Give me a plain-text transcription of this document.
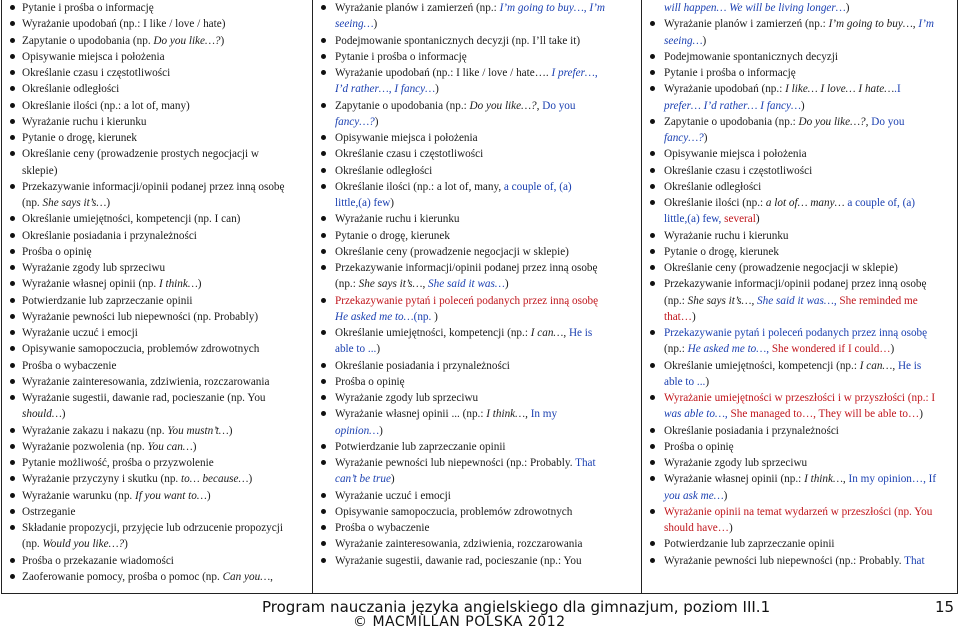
Pytanie i prośba o informację
Wyrażanie upodobań (np.: I like / love / hate)
Zapytanie o upodobania (np. Do you like…?)
Opisywanie miejsca i położenia
Określanie czasu i częstotliwości
Określanie odległości
Określanie ilości (np.: a lot of, many)
Wyrażanie ruchu i kierunku
Pytanie o drogę, kierunek
Określanie ceny (prowadzenie prostych negocjacji w
sklepie)
Przekazywanie informacji/opinii podanej przez inną osobę
(np. She says it’s…)
Określanie umiejętności, kompetencji (np. I can)
Określanie posiadania i przynależności
Prośba o opinię
Wyrażanie zgody lub sprzeciwu
Wyrażanie własnej opinii (np. I think…)
Potwierdzanie lub zaprzeczanie opinii
Wyrażanie pewności lub niepewności (np. Probably)
Wyrażanie uczuć i emocji
Opisywanie samopoczucia, problemów zdrowotnych
Prośba o wybaczenie
Wyrażanie zainteresowania, zdziwienia, rozczarowania
Wyrażanie sugestii, dawanie rad, pocieszanie (np. You
should…)
Wyrażanie zakazu i nakazu (np. You mustn’t…)
Wyrażanie pozwolenia (np. You can…)
Pytanie możliwość, prośba o przyzwolenie
Wyrażanie przyczyny i skutku (np. to… because…)
Wyrażanie warunku (np. If you want to…)
Ostrzeganie
Składanie propozycji, przyjęcie lub odrzucenie propozycji
(np. Would you like…?)
Prośba o przekazanie wiadomości
Zaoferowanie pomocy, prośba o pomoc (np. Can you…,
Wyrażanie planów i zamierzeń (np.: I’m going to buy…, I’m
seeing…)
Podejmowanie spontanicznych decyzji (np. I’ll take it)
Pytanie i prośba o informację
Wyrażanie upodobań (np.: I like / love / hate…. I prefer…,
I’d rather…, I fancy…)
Zapytanie o upodobania (np.: Do you like…?, Do you
fancy…?)
Opisywanie miejsca i położenia
Określanie czasu i częstotliwości
Określanie odległości
Określanie ilości (np.: a lot of, many, a couple of, (a)
little,(a) few)
Wyrażanie ruchu i kierunku
Pytanie o drogę, kierunek
Określanie ceny (prowadzenie negocjacji w sklepie)
Przekazywanie informacji/opinii podanej przez inną osobę
(np.: She says it’s…, She said it was…)
Przekazywanie pytań i poleceń podanych przez inną osobę
He asked me to…(np. )
Określanie umiejętności, kompetencji (np.: I can…, He is
able to ...)
Określanie posiadania i przynależności
Prośba o opinię
Wyrażanie zgody lub sprzeciwu
Wyrażanie własnej opinii ... (np.: I think…, In my
opinion…)
Potwierdzanie lub zaprzeczanie opinii
Wyrażanie pewności lub niepewności (np.: Probably. That
can’t be true)
Wyrażanie uczuć i emocji
Opisywanie samopoczucia, problemów zdrowotnych
Prośba o wybaczenie
Wyrażanie zainteresowania, zdziwienia, rozczarowania
Wyrażanie sugestii, dawanie rad, pocieszanie (np.: You
will happen… We will be living longer…)
Wyrażanie planów i zamierzeń (np.: I’m going to buy…, I’m
seeing…)
Podejmowanie spontanicznych decyzji
Pytanie i prośba o informację
Wyrażanie upodobań (np.: I like… I love… I hate….I
prefer… I’d rather… I fancy…)
Zapytanie o upodobania (np.: Do you like…?, Do you
fancy…?)
Opisywanie miejsca i położenia
Określanie czasu i częstotliwości
Określanie odległości
Określanie ilości (np.: a lot of… many… a couple of, (a)
little,(a) few, several)
Wyrażanie ruchu i kierunku
Pytanie o drogę, kierunek
Określanie ceny (prowadzenie negocjacji w sklepie)
Przekazywanie informacji/opinii podanej przez inną osobę
(np.: She says it’s…, She said it was…, She reminded me
that…)
Przekazywanie pytań i poleceń podanych przez inną osobę
(np.: He asked me to…, She wondered if I could…)
Określanie umiejętności, kompetencji (np.: I can…, He is
able to ...)
Wyrażanie umiejętności w przeszłości i w przyszłości (np.: I
was able to…, She managed to…, They will be able to…)
Określanie posiadania i przynależności
Prośba o opinię
Wyrażanie zgody lub sprzeciwu
Wyrażanie własnej opinii (np.: I think…, In my opinion…, If
you ask me…)
Wyrażanie opinii na temat wydarzeń w przeszłości (np. You
should have…)
Potwierdzanie lub zaprzeczanie opinii
Wyrażanie pewności lub niepewności (np.: Probably. That
Program nauczania języka angielskiego dla gimnazjum, poziom III.1	15
© MACMILLAN POLSKA 2012
